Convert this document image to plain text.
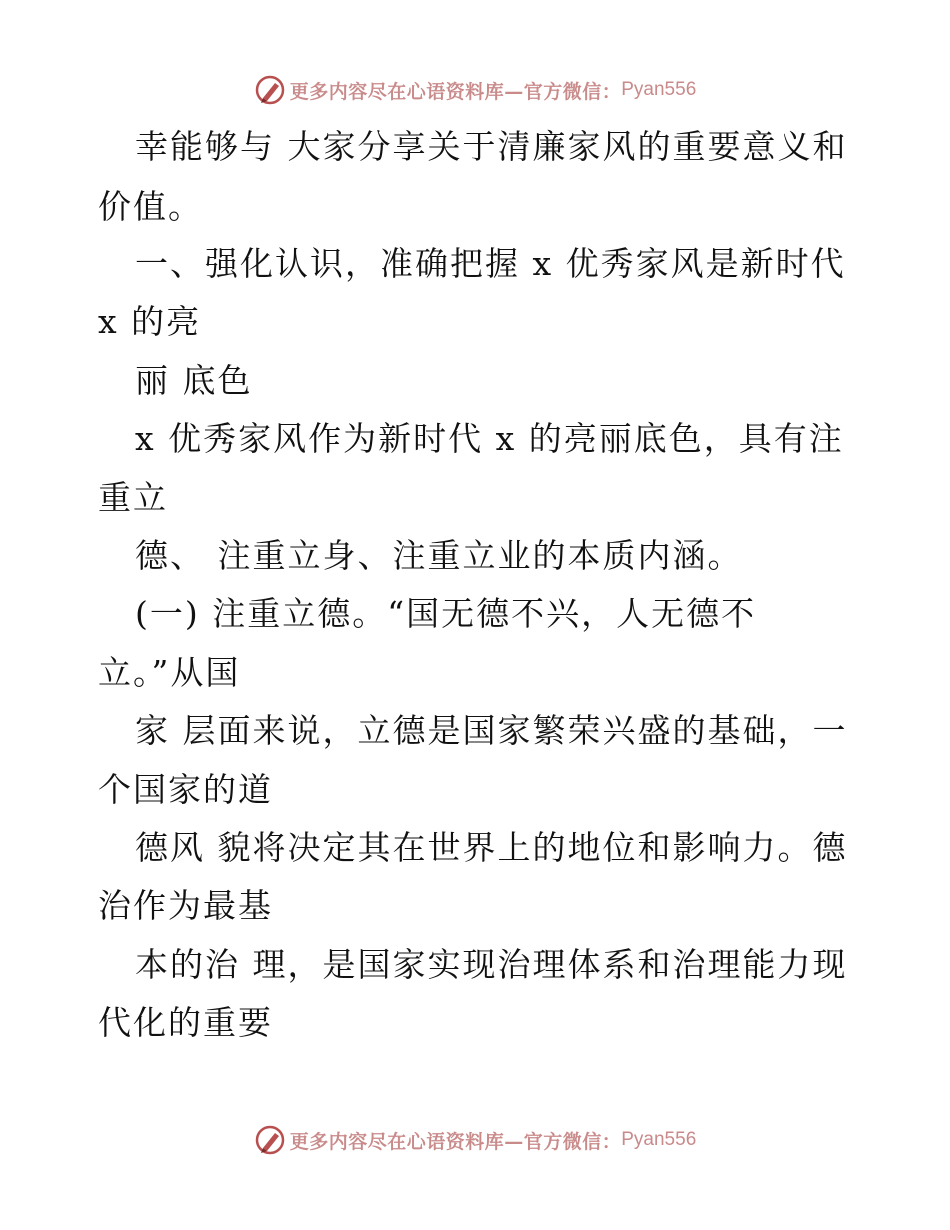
更多内容尽在心语资料库—官方微信： Pyan556
幸能够与 大家分享关于清廉家风的重要意义和
价值。
一、强化认识，准确把握 x 优秀家风是新时代
x 的亮
丽 底色
x 优秀家风作为新时代 x 的亮丽底色，具有注
重立
德、 注重立身、注重立业的本质内涵。
(一) 注重立德。“国无德不兴，人无德不
立。”从国
家 层面来说，立德是国家繁荣兴盛的基础，一
个国家的道
德风 貌将决定其在世界上的地位和影响力。德
治作为最基
本的治 理，是国家实现治理体系和治理能力现
代化的重要
更多内容尽在心语资料库—官方微信： Pyan556
